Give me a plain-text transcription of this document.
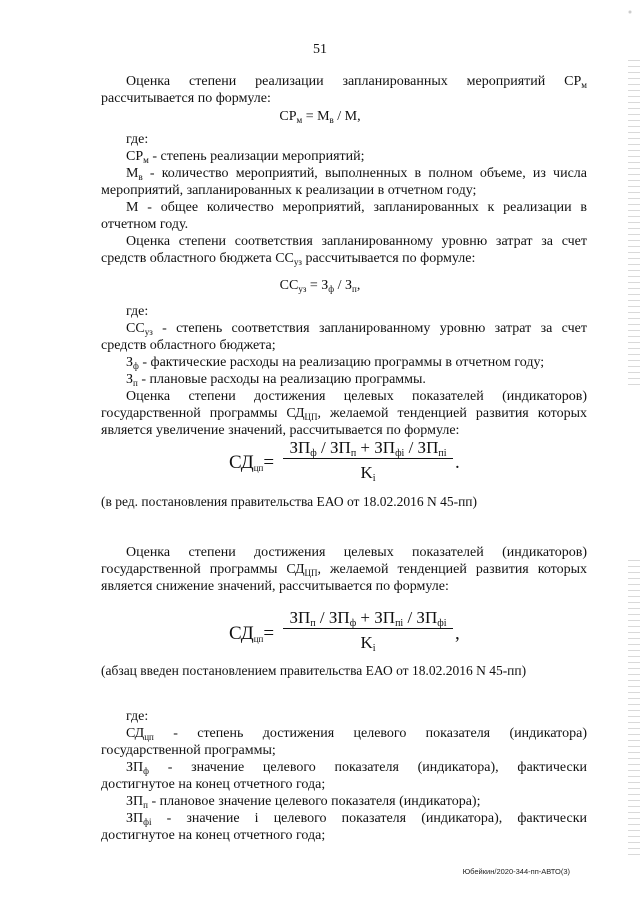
51
Оценка степени реализации запланированных мероприятий $СР_м$
рассчитывается по формуле:
$СР_м = М_в / М$,
где:
$СР_м$ - степень реализации мероприятий;
$М_в$ - количество мероприятий, выполненных в полном объеме, из числа
мероприятий, запланированных к реализации в отчетном году;
М - общее количество мероприятий, запланированных к реализации в
отчетном году.
Оценка степени соответствия запланированному уровню затрат за счет
средств областного бюджета $СС_{уз}$ рассчитывается по формуле:
$СС_{уз} = З_ф / З_п$,
где:
$СС_{уз}$ - степень соответствия запланированному уровню затрат за счет
средств областного бюджета;
$З_ф$ - фактические расходы на реализацию программы в отчетном году;
$З_п$ - плановые расходы на реализацию программы.
Оценка степени достижения целевых показателей (индикаторов)
государственной программы $СД_{ЦП}$, желаемой тенденцией развития которых
является увеличение значений, рассчитывается по формуле:
$СД_{цп}=$
$ЗП_ф / ЗП_п + ЗП_{фi} / ЗП_{пi}$
$K_i$
.
(в ред. постановления правительства ЕАО от 18.02.2016 N 45-пп)
Оценка степени достижения целевых показателей (индикаторов)
государственной программы $СД_{ЦП}$, желаемой тенденцией развития которых
является снижение значений, рассчитывается по формуле:
$СД_{цп}=$
$ЗП_п / ЗП_ф + ЗП_{пi} / ЗП_{фi}$
$K_i$
,
(абзац введен постановлением правительства ЕАО от 18.02.2016 N 45-пп)
где:
$СД_{цп}$ - степень достижения целевого показателя (индикатора)
государственной программы;
$ЗП_ф$ - значение целевого показателя (индикатора), фактически
достигнутое на конец отчетного года;
$ЗП_п$ - плановое значение целевого показателя (индикатора);
$ЗП_{фi}$ - значение i целевого показателя (индикатора), фактически
достигнутое на конец отчетного года;
Юбейкин/2020-344-пп-АВТО(3)
